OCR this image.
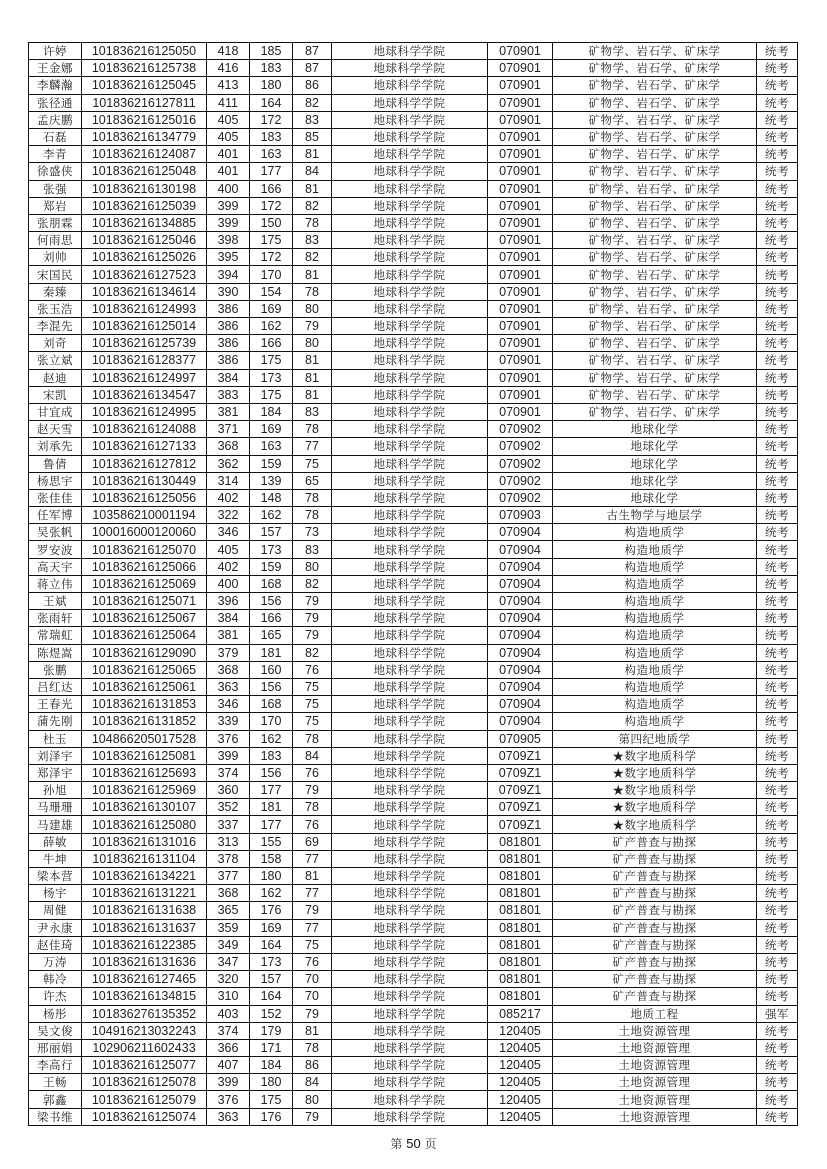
许婷	101836216125050	418	185	87	地球科学学院	070901	矿物学、岩石学、矿床学	统考
王金娜	101836216125738	416	183	87	地球科学学院	070901	矿物学、岩石学、矿床学	统考
李麟瀚	101836216125045	413	180	86	地球科学学院	070901	矿物学、岩石学、矿床学	统考
张径通	101836216127811	411	164	82	地球科学学院	070901	矿物学、岩石学、矿床学	统考
孟庆鹏	101836216125016	405	172	83	地球科学学院	070901	矿物学、岩石学、矿床学	统考
石磊	101836216134779	405	183	85	地球科学学院	070901	矿物学、岩石学、矿床学	统考
李青	101836216124087	401	163	81	地球科学学院	070901	矿物学、岩石学、矿床学	统考
徐盛侠	101836216125048	401	177	84	地球科学学院	070901	矿物学、岩石学、矿床学	统考
张强	101836216130198	400	166	81	地球科学学院	070901	矿物学、岩石学、矿床学	统考
郑岩	101836216125039	399	172	82	地球科学学院	070901	矿物学、岩石学、矿床学	统考
张朋霖	101836216134885	399	150	78	地球科学学院	070901	矿物学、岩石学、矿床学	统考
何雨思	101836216125046	398	175	83	地球科学学院	070901	矿物学、岩石学、矿床学	统考
刘帅	101836216125026	395	172	82	地球科学学院	070901	矿物学、岩石学、矿床学	统考
宋国民	101836216127523	394	170	81	地球科学学院	070901	矿物学、岩石学、矿床学	统考
秦臻	101836216134614	390	154	78	地球科学学院	070901	矿物学、岩石学、矿床学	统考
张玉浩	101836216124993	386	169	80	地球科学学院	070901	矿物学、岩石学、矿床学	统考
李混先	101836216125014	386	162	79	地球科学学院	070901	矿物学、岩石学、矿床学	统考
刘奇	101836216125739	386	166	80	地球科学学院	070901	矿物学、岩石学、矿床学	统考
张立斌	101836216128377	386	175	81	地球科学学院	070901	矿物学、岩石学、矿床学	统考
赵迪	101836216124997	384	173	81	地球科学学院	070901	矿物学、岩石学、矿床学	统考
宋凯	101836216134547	383	175	81	地球科学学院	070901	矿物学、岩石学、矿床学	统考
甘宜成	101836216124995	381	184	83	地球科学学院	070901	矿物学、岩石学、矿床学	统考
赵天雪	101836216124088	371	169	78	地球科学学院	070902	地球化学	统考
刘承先	101836216127133	368	163	77	地球科学学院	070902	地球化学	统考
鲁倩	101836216127812	362	159	75	地球科学学院	070902	地球化学	统考
杨思宇	101836216130449	314	139	65	地球科学学院	070902	地球化学	统考
张佳佳	101836216125056	402	148	78	地球科学学院	070902	地球化学	统考
任军博	103586210001194	322	162	78	地球科学学院	070903	古生物学与地层学	统考
吴张帆	100016000120060	346	157	73	地球科学学院	070904	构造地质学	统考
罗安波	101836216125070	405	173	83	地球科学学院	070904	构造地质学	统考
高天宇	101836216125066	402	159	80	地球科学学院	070904	构造地质学	统考
蒋立伟	101836216125069	400	168	82	地球科学学院	070904	构造地质学	统考
王斌	101836216125071	396	156	79	地球科学学院	070904	构造地质学	统考
张雨轩	101836216125067	384	166	79	地球科学学院	070904	构造地质学	统考
常瑞虹	101836216125064	381	165	79	地球科学学院	070904	构造地质学	统考
陈煜嵩	101836216129090	379	181	82	地球科学学院	070904	构造地质学	统考
张鹏	101836216125065	368	160	76	地球科学学院	070904	构造地质学	统考
吕红达	101836216125061	363	156	75	地球科学学院	070904	构造地质学	统考
王春光	101836216131853	346	168	75	地球科学学院	070904	构造地质学	统考
蒲先刚	101836216131852	339	170	75	地球科学学院	070904	构造地质学	统考
杜玉	104866205017528	376	162	78	地球科学学院	070905	第四纪地质学	统考
刘泽宇	101836216125081	399	183	84	地球科学学院	0709Z1	★数字地质科学	统考
郑泽宇	101836216125693	374	156	76	地球科学学院	0709Z1	★数字地质科学	统考
孙旭	101836216125969	360	177	79	地球科学学院	0709Z1	★数字地质科学	统考
马珊珊	101836216130107	352	181	78	地球科学学院	0709Z1	★数字地质科学	统考
马建雄	101836216125080	337	177	76	地球科学学院	0709Z1	★数字地质科学	统考
薛敏	101836216131016	313	155	69	地球科学学院	081801	矿产普查与勘探	统考
牛坤	101836216131104	378	158	77	地球科学学院	081801	矿产普查与勘探	统考
梁本营	101836216134221	377	180	81	地球科学学院	081801	矿产普查与勘探	统考
杨宇	101836216131221	368	162	77	地球科学学院	081801	矿产普查与勘探	统考
周健	101836216131638	365	176	79	地球科学学院	081801	矿产普查与勘探	统考
尹永康	101836216131637	359	169	77	地球科学学院	081801	矿产普查与勘探	统考
赵佳琦	101836216122385	349	164	75	地球科学学院	081801	矿产普查与勘探	统考
万涛	101836216131636	347	173	76	地球科学学院	081801	矿产普查与勘探	统考
韩冷	101836216127465	320	157	70	地球科学学院	081801	矿产普查与勘探	统考
许杰	101836216134815	310	164	70	地球科学学院	081801	矿产普查与勘探	统考
杨彤	101836276135352	403	152	79	地球科学学院	085217	地质工程	强军
吴文俊	104916213032243	374	179	81	地球科学学院	120405	土地资源管理	统考
邢丽娟	102906211602433	366	171	78	地球科学学院	120405	土地资源管理	统考
李高行	101836216125077	407	184	86	地球科学学院	120405	土地资源管理	统考
王畅	101836216125078	399	180	84	地球科学学院	120405	土地资源管理	统考
郭鑫	101836216125079	376	175	80	地球科学学院	120405	土地资源管理	统考
梁书维	101836216125074	363	176	79	地球科学学院	120405	土地资源管理	统考
第 50 页
